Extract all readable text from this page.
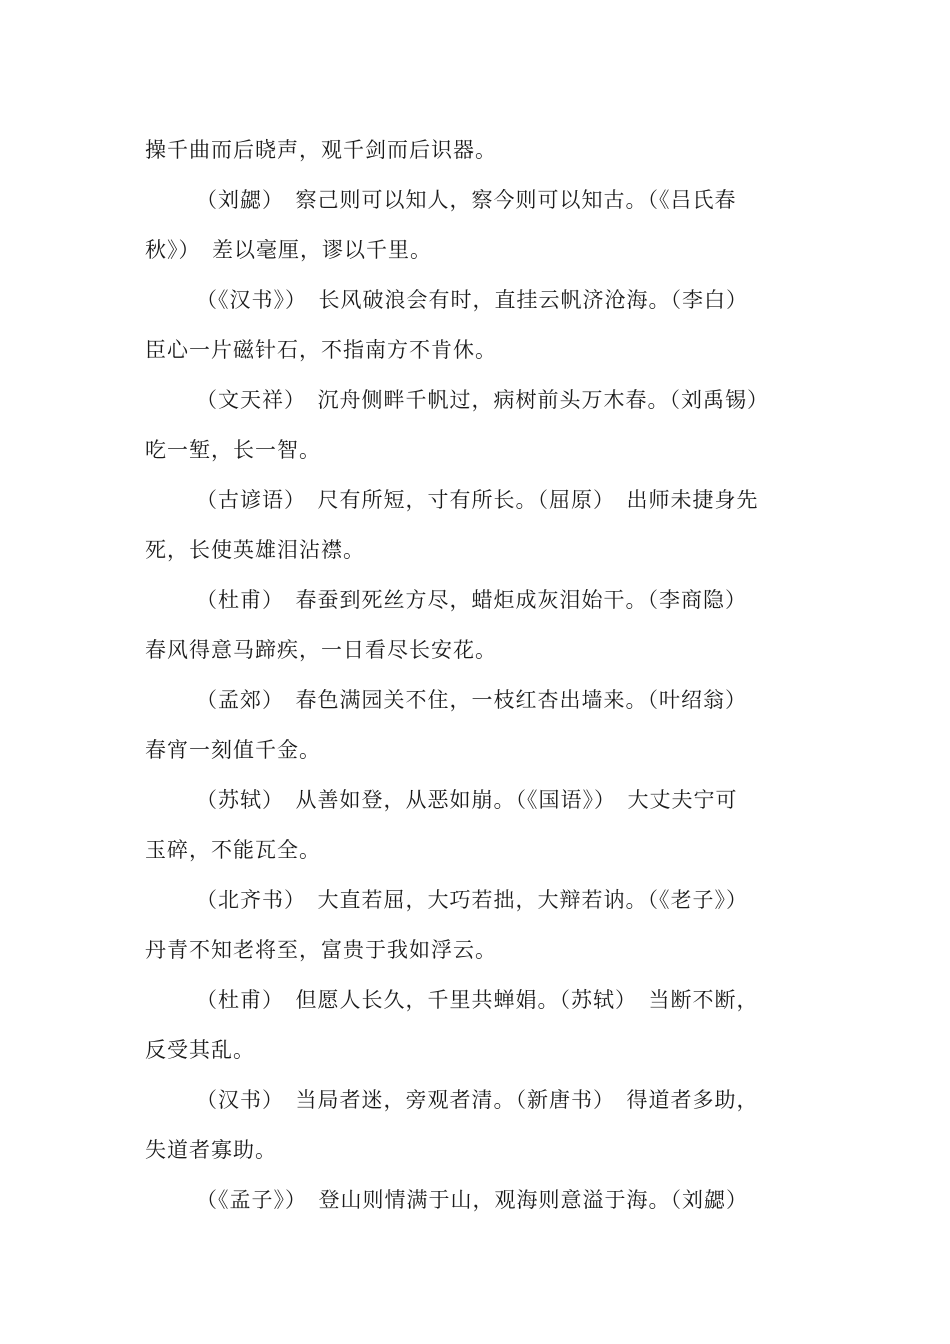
操千曲而后晓声，观千剑而后识器。
（刘勰）　察己则可以知人，察今则可以知古。（《吕氏春
秋》）　差以毫厘，谬以千里。
（《汉书》）　长风破浪会有时，直挂云帆济沧海。（李白）
臣心一片磁针石，不指南方不肯休。
（文天祥）　沉舟侧畔千帆过，病树前头万木春。（刘禹锡）
吃一堑，长一智。
（古谚语）　尺有所短，寸有所长。（屈原）　出师未捷身先
死，长使英雄泪沾襟。
（杜甫）　春蚕到死丝方尽，蜡炬成灰泪始干。（李商隐）
春风得意马蹄疾，一日看尽长安花。
（孟郊）　春色满园关不住，一枝红杏出墙来。（叶绍翁）
春宵一刻值千金。
（苏轼）　从善如登，从恶如崩。（《国语》）　大丈夫宁可
玉碎，不能瓦全。
（北齐书）　大直若屈，大巧若拙，大辩若讷。（《老子》）
丹青不知老将至，富贵于我如浮云。
（杜甫）　但愿人长久，千里共蝉娟。（苏轼）　当断不断，
反受其乱。
（汉书）　当局者迷，旁观者清。（新唐书）　得道者多助，
失道者寡助。
（《孟子》）　登山则情满于山，观海则意溢于海。（刘勰）
